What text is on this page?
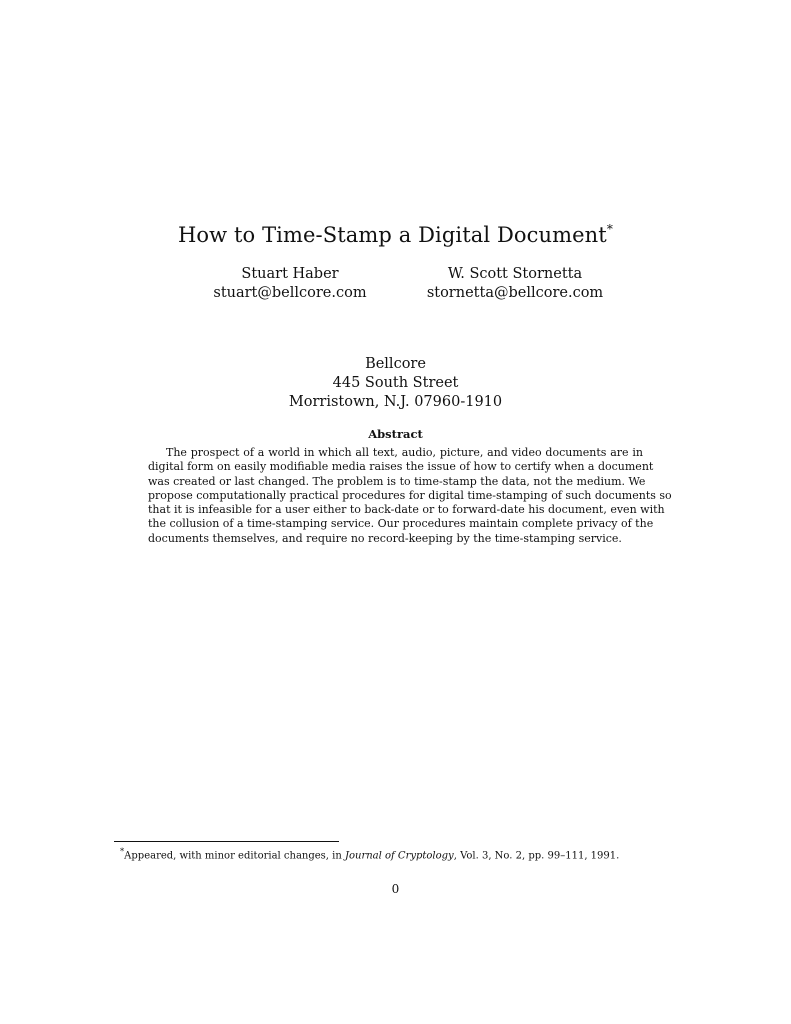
How to Time-Stamp a Digital Document*
Stuart Haber
stuart@bellcore.com
W. Scott Stornetta
stornetta@bellcore.com
Bellcore
445 South Street
Morristown, N.J. 07960-1910
Abstract
The prospect of a world in which all text, audio, picture, and video documents are in
digital form on easily modifiable media raises the issue of how to certify when a document
was created or last changed. The problem is to time-stamp the data, not the medium. We
propose computationally practical procedures for digital time-stamping of such documents so
that it is infeasible for a user either to back-date or to forward-date his document, even with
the collusion of a time-stamping service. Our procedures maintain complete privacy of the
documents themselves, and require no record-keeping by the time-stamping service.
*Appeared, with minor editorial changes, in Journal of Cryptology, Vol. 3, No. 2, pp. 99–111, 1991.
0
